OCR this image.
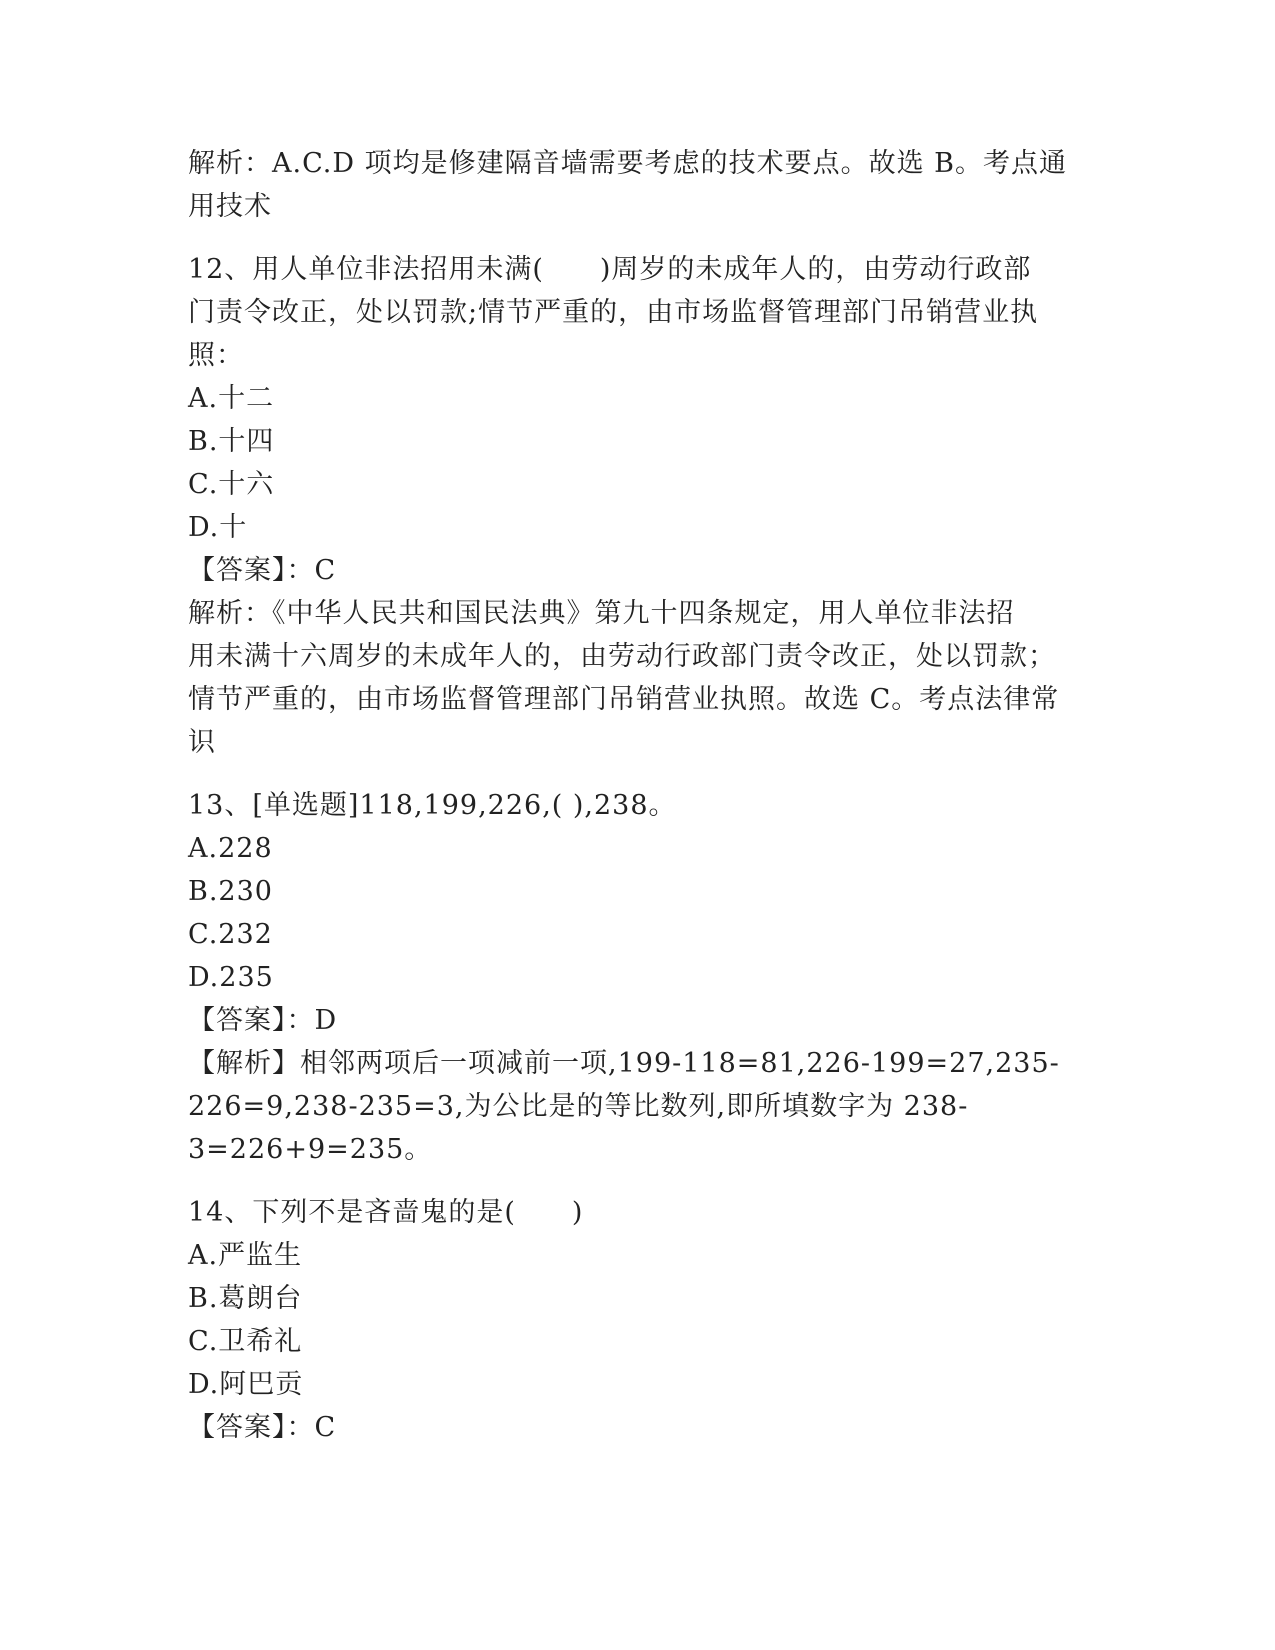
解析：A.C.D 项均是修建隔音墙需要考虑的技术要点。故选 B。考点通
用技术
12、用人单位非法招用未满(　　)周岁的未成年人的，由劳动行政部
门责令改正，处以罚款;情节严重的，由市场监督管理部门吊销营业执
照：
A.十二
B.十四
C.十六
D.十
【答案】：C
解析：《中华人民共和国民法典》第九十四条规定，用人单位非法招
用未满十六周岁的未成年人的，由劳动行政部门责令改正，处以罚款；
情节严重的，由市场监督管理部门吊销营业执照。故选 C。考点法律常
识
13、[单选题]118,199,226,( ),238。
A.228
B.230
C.232
D.235
【答案】：D
【解析】相邻两项后一项减前一项,199-118=81,226-199=27,235-
226=9,238-235=3,为公比是的等比数列,即所填数字为 238-
3=226+9=235。
14、下列不是吝啬鬼的是(　　)
A.严监生
B.葛朗台
C.卫希礼
D.阿巴贡
【答案】：C
